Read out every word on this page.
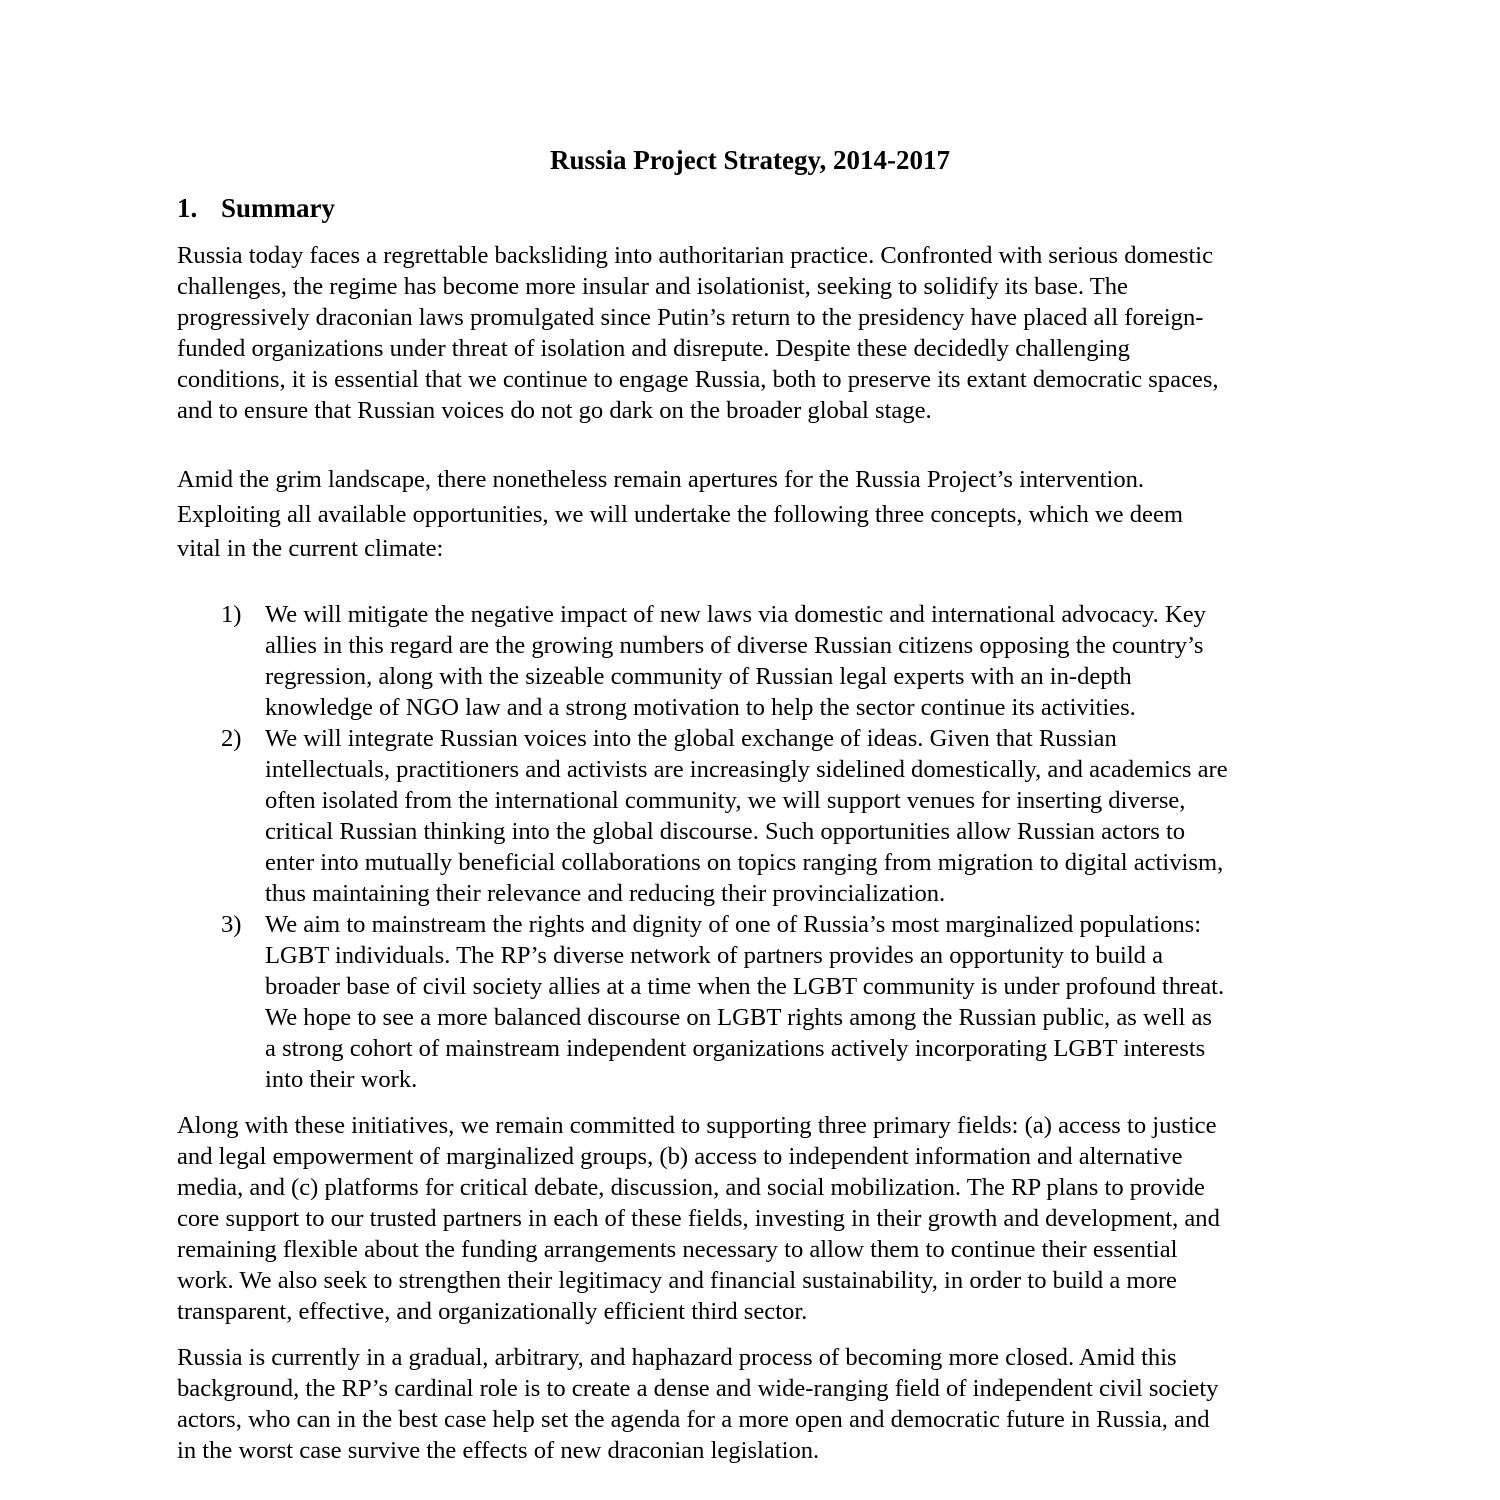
Russia Project Strategy, 2014-2017
1. Summary
Russia today faces a regrettable backsliding into authoritarian practice. Confronted with serious domestic
challenges, the regime has become more insular and isolationist, seeking to solidify its base. The
progressively draconian laws promulgated since Putin’s return to the presidency have placed all foreign-
funded organizations under threat of isolation and disrepute. Despite these decidedly challenging
conditions, it is essential that we continue to engage Russia, both to preserve its extant democratic spaces,
and to ensure that Russian voices do not go dark on the broader global stage.
Amid the grim landscape, there nonetheless remain apertures for the Russia Project’s intervention.
Exploiting all available opportunities, we will undertake the following three concepts, which we deem
vital in the current climate:
1) We will mitigate the negative impact of new laws via domestic and international advocacy. Key
allies in this regard are the growing numbers of diverse Russian citizens opposing the country’s
regression, along with the sizeable community of Russian legal experts with an in-depth
knowledge of NGO law and a strong motivation to help the sector continue its activities.
2) We will integrate Russian voices into the global exchange of ideas. Given that Russian
intellectuals, practitioners and activists are increasingly sidelined domestically, and academics are
often isolated from the international community, we will support venues for inserting diverse,
critical Russian thinking into the global discourse. Such opportunities allow Russian actors to
enter into mutually beneficial collaborations on topics ranging from migration to digital activism,
thus maintaining their relevance and reducing their provincialization.
3) We aim to mainstream the rights and dignity of one of Russia’s most marginalized populations:
LGBT individuals. The RP’s diverse network of partners provides an opportunity to build a
broader base of civil society allies at a time when the LGBT community is under profound threat.
We hope to see a more balanced discourse on LGBT rights among the Russian public, as well as
a strong cohort of mainstream independent organizations actively incorporating LGBT interests
into their work.
Along with these initiatives, we remain committed to supporting three primary fields: (a) access to justice
and legal empowerment of marginalized groups, (b) access to independent information and alternative
media, and (c) platforms for critical debate, discussion, and social mobilization. The RP plans to provide
core support to our trusted partners in each of these fields, investing in their growth and development, and
remaining flexible about the funding arrangements necessary to allow them to continue their essential
work. We also seek to strengthen their legitimacy and financial sustainability, in order to build a more
transparent, effective, and organizationally efficient third sector.
Russia is currently in a gradual, arbitrary, and haphazard process of becoming more closed. Amid this
background, the RP’s cardinal role is to create a dense and wide-ranging field of independent civil society
actors, who can in the best case help set the agenda for a more open and democratic future in Russia, and
in the worst case survive the effects of new draconian legislation.
